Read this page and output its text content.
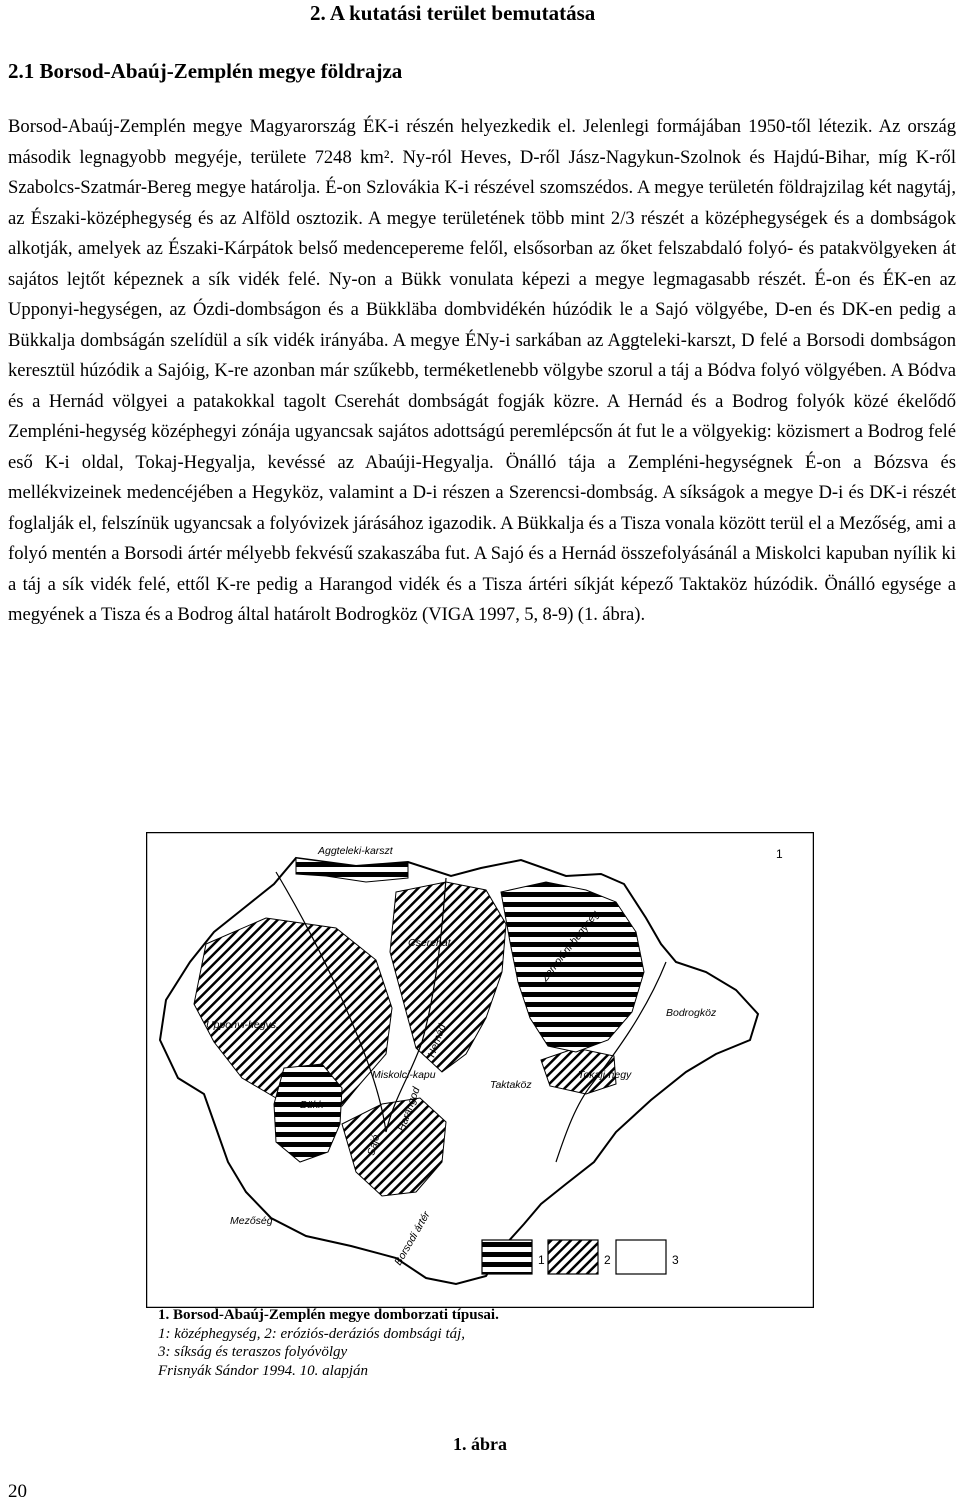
2. A kutatási terület bemutatása
2.1 Borsod-Abaúj-Zemplén megye földrajza
Borsod-Abaúj-Zemplén megye Magyarország ÉK-i részén helyezkedik el. Jelenlegi formájában 1950-től létezik. Az ország második legnagyobb megyéje, területe 7248 km². Ny-ról Heves, D-ről Jász-Nagykun-Szolnok és Hajdú-Bihar, míg K-ről Szabolcs-Szatmár-Bereg megye határolja. É-on Szlovákia K-i részével szomszédos. A megye területén földrajzilag két nagytáj, az Északi-középhegység és az Alföld osztozik. A megye területének több mint 2/3 részét a középhegységek és a dombságok alkotják, amelyek az Északi-Kárpátok belső medencepereme felől, elsősorban az őket felszabdaló folyó- és patakvölgyeken át sajátos lejtőt képeznek a sík vidék felé. Ny-on a Bükk vonulata képezi a megye legmagasabb részét. É-on és ÉK-en az Upponyi-hegységen, az Ózdi-dombságon és a Bükkläba dombvidékén húzódik le a Sajó völgyébe, D-en és DK-en pedig a Bükkalja dombságán szelídül a sík vidék irányába. A megye ÉNy-i sarkában az Aggteleki-karszt, D felé a Borsodi dombságon keresztül húzódik a Sajóig, K-re azonban már szűkebb, terméketlenebb völgybe szorul a táj a Bódva folyó völgyében. A Bódva és a Hernád völgyei a patakokkal tagolt Cserehát dombságát fogják közre. A Hernád és a Bodrog folyók közé ékelődő Zempléni-hegység középhegyi zónája ugyancsak sajátos adottságú peremlépcsőn át fut le a völgyekig: közismert a Bodrog felé eső K-i oldal, Tokaj-Hegyalja, kevéssé az Abaúji-Hegyalja. Önálló tája a Zempléni-hegységnek É-on a Bózsva és mellékvizeinek medencéjében a Hegyköz, valamint a D-i részen a Szerencsi-dombság. A síkságok a megye D-i és DK-i részét foglalják el, felszínük ugyancsak a folyóvizek járásához igazodik. A Bükkalja és a Tisza vonala között terül el a Mezőség, ami a folyó mentén a Borsodi ártér mélyebb fekvésű szakaszába fut. A Sajó és a Hernád összefolyásánál a Miskolci kapuban nyílik ki a táj a sík vidék felé, ettől K-re pedig a Harangod vidék és a Tisza ártéri síkját képező Taktaköz húzódik. Önálló egysége a megyének a Tisza és a Bodrog által határolt Bodrogköz (VIGA 1997, 5, 8-9) (1. ábra).
1
Aggteleki-karszt
Cserehát	Zempléni-hegység
Bodrogköz
Upponyi-hegys.	Hernád
Miskolci-kapu
Bükk	Harangod
Sajó
Taktaköz
Tokaji-hegy
Mezőség	Borsodi ártér	1	2	3
1. Borsod-Abaúj-Zemplén megye domborzati típusai.
1: középhegység, 2: eróziós-deráziós dombsági táj,
3: síkság és teraszos folyóvölgy
Frisnyák Sándor 1994. 10. alapján
1. ábra
20
